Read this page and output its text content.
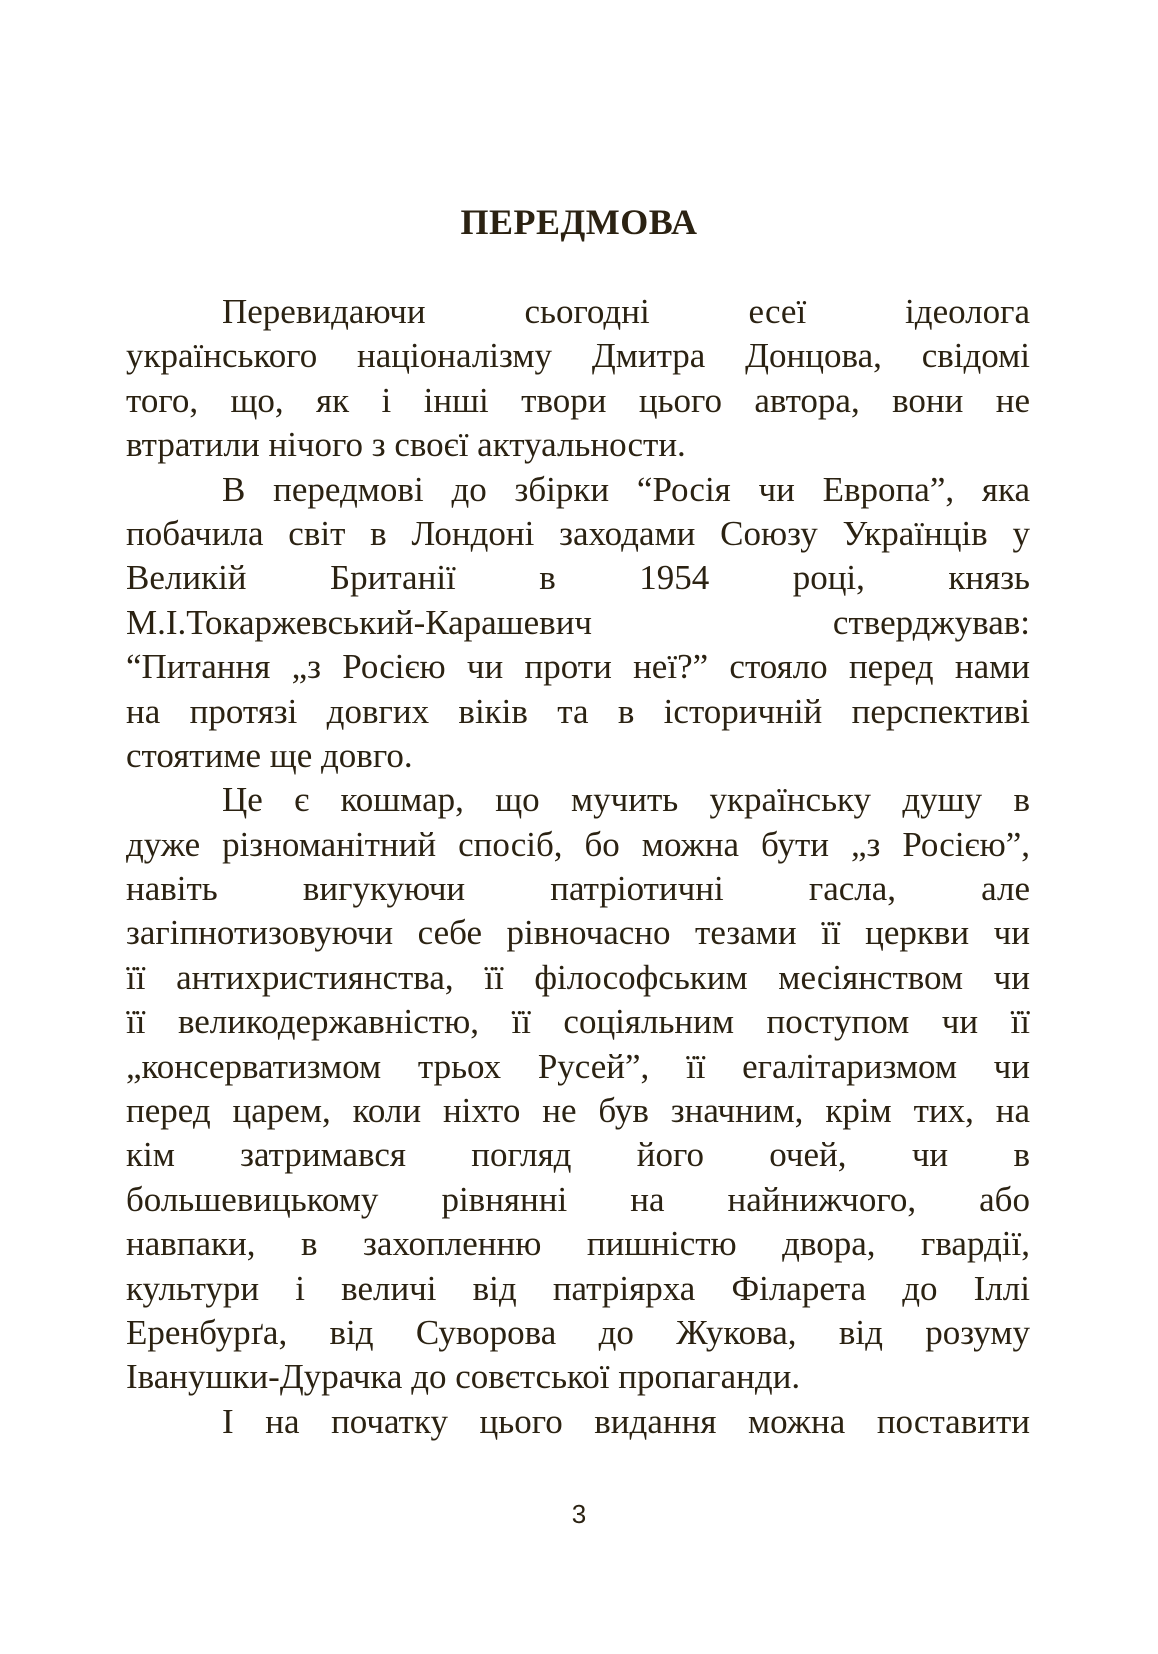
ПЕРЕДМОВА
Перевидаючи сьогодні есеї ідеолога
українського націоналізму Дмитра Донцова, свідомі
того, що, як і інші твори цього автора, вони не
втратили нічого з своєї актуальности.
В передмові до збірки “Росія чи Европа”, яка
побачила світ в Лондоні заходами Союзу Українців у
Великій Британії в 1954 році, князь
М.І.Токаржевський-Карашевич стверджував:
“Питання „з Росією чи проти неї?” стояло перед нами
на протязі довгих віків та в історичній перспективі
стоятиме ще довго.
Це є кошмар, що мучить українську душу в
дуже різноманітний спосіб, бо можна бути „з Росією”,
навіть вигукуючи патріотичні гасла, але
загіпнотизовуючи себе рівночасно тезами її церкви чи
її антихристиянства, її філософським месіянством чи
її великодержавністю, її соціяльним поступом чи її
„консерватизмом трьох Русей”, її егалітаризмом чи
перед царем, коли ніхто не був значним, крім тих, на
кім затримався погляд його очей, чи в
большевицькому рівнянні на найнижчого, або
навпаки, в захопленню пишністю двора, гвардії,
культури і величі від патріярха Філарета до Іллі
Еренбурґа, від Суворова до Жукова, від розуму
Іванушки-Дурачка до совєтської пропаганди.
І на початку цього видання можна поставити
3
